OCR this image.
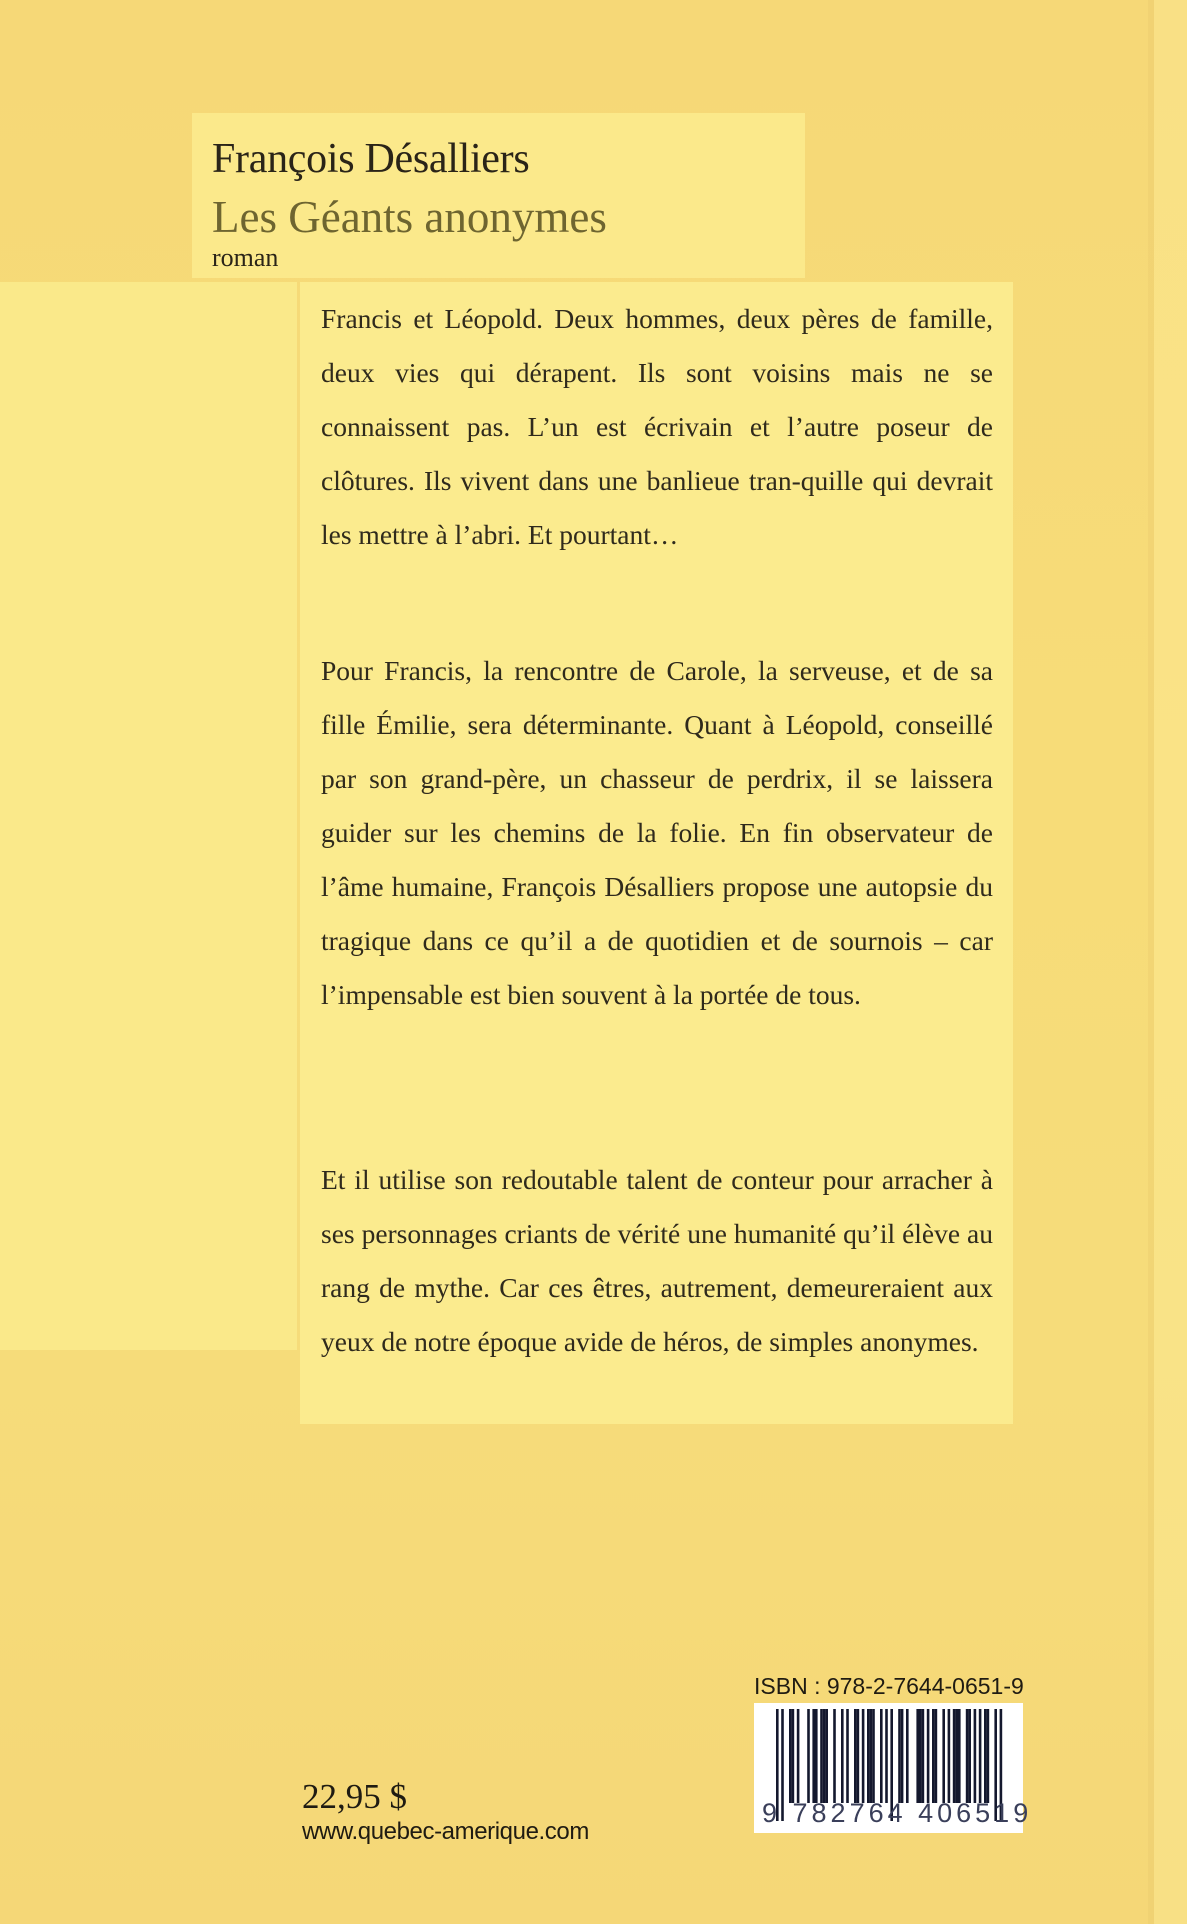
François Désalliers
Les Géants anonymes
roman

Francis et Léopold. Deux hommes, deux pères de famille, deux vies qui dérapent. Ils sont voisins mais ne se connaissent pas. L’un est écrivain et l’autre poseur de clôtures. Ils vivent dans une banlieue tran-quille qui devrait les mettre à l’abri. Et pourtant…

Pour Francis, la rencontre de Carole, la serveuse, et de sa fille Émilie, sera déterminante. Quant à Léopold, conseillé par son grand-père, un chasseur de perdrix, il se laissera guider sur les chemins de la folie. En fin observateur de l’âme humaine, François Désalliers propose une autopsie du tragique dans ce qu’il a de quotidien et de sournois – car l’impensable est bien souvent à la portée de tous.

Et il utilise son redoutable talent de conteur pour arracher à ses personnages criants de vérité une humanité qu’il élève au rang de mythe. Car ces êtres, autrement, demeureraient aux yeux de notre époque avide de héros, de simples anonymes.

22,95 $
www.quebec-amerique.com
ISBN : 978-2-7644-0651-9
9 782764 406519
